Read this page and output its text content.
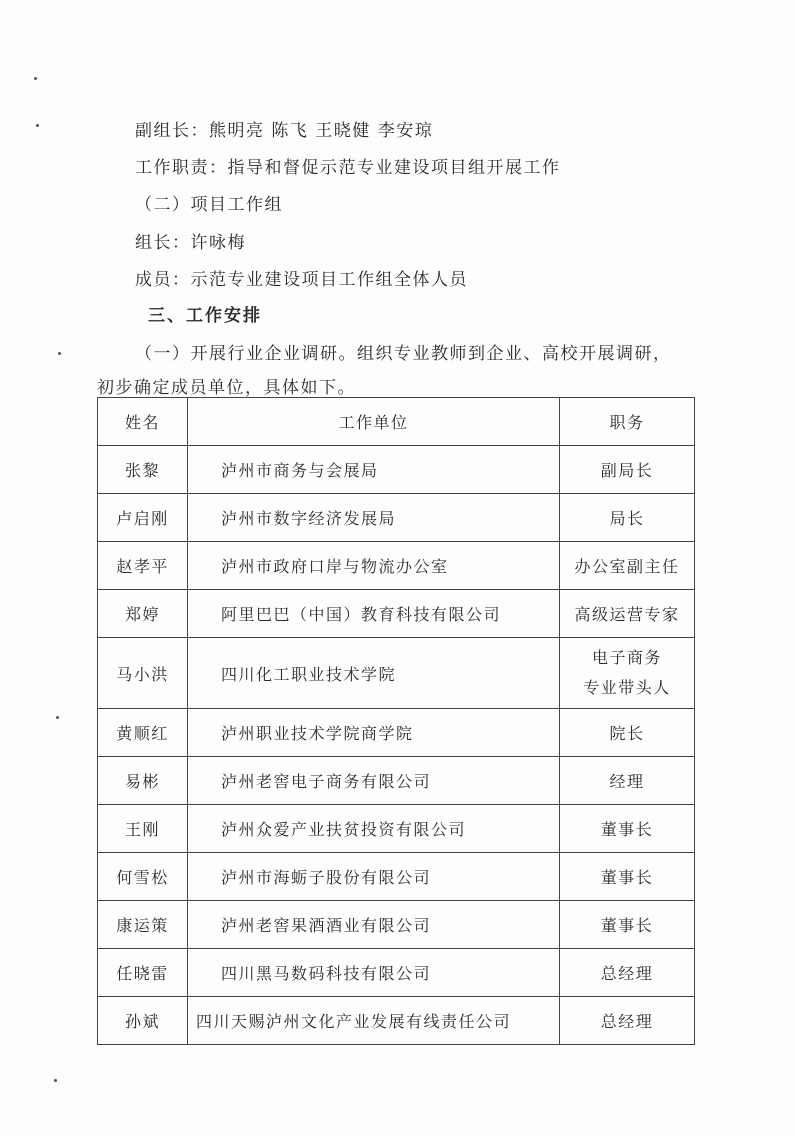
副组长：熊明亮 陈飞 王晓健 李安琼
工作职责：指导和督促示范专业建设项目组开展工作
（二）项目工作组
组长：许咏梅
成员：示范专业建设项目工作组全体人员
三、工作安排
（一）开展行业企业调研。组织专业教师到企业、高校开展调研，
初步确定成员单位，具体如下。
姓名	工作单位	职务
张黎	泸州市商务与会展局	副局长
卢启刚	泸州市数字经济发展局	局长
赵孝平	泸州市政府口岸与物流办公室	办公室副主任
郑婷	阿里巴巴（中国）教育科技有限公司	高级运营专家
马小洪	四川化工职业技术学院	电子商务
专业带头人

黄顺红	泸州职业技术学院商学院	院长
易彬	泸州老窖电子商务有限公司	经理
王刚	泸州众爱产业扶贫投资有限公司	董事长
何雪松	泸州市海蛎子股份有限公司	董事长
康运策	泸州老窖果酒酒业有限公司	董事长
任晓雷	四川黑马数码科技有限公司	总经理
孙斌	四川天赐泸州文化产业发展有线责任公司	总经理
